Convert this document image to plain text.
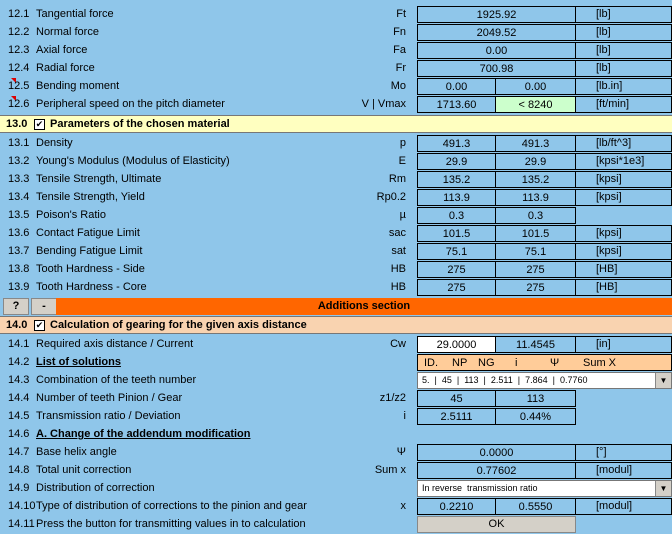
12.1 Tangential force	Ft	1925.92	[lb]
12.2 Normal force	Fn	2049.52	[lb]
12.3 Axial force	Fa	0.00	[lb]
12.4 Radial force	Fr	700.98	[lb]
12.5 Bending moment	Mo	0.00	0.00	[lb.in]
12.6 Peripheral speed on the pitch diameter	V | Vmax	1713.60	< 8240	[ft/min]
13.0 ✔ Parameters of the chosen material
13.1 Density	p	491.3	491.3	[lb/ft^3]
13.2 Young's Modulus (Modulus of Elasticity)	E	29.9	29.9	[kpsi*1e3]
13.3 Tensile Strength, Ultimate	Rm	135.2	135.2	[kpsi]
13.4 Tensile Strength, Yield	Rp0.2	113.9	113.9	[kpsi]
13.5 Poison's Ratio	µ	0.3	0.3
13.6 Contact Fatigue Limit	sac	101.5	101.5	[kpsi]
13.7 Bending Fatigue Limit	sat	75.1	75.1	[kpsi]
13.8 Tooth Hardness - Side	HB	275	275	[HB]
13.9 Tooth Hardness - Core	HB	275	275	[HB]
?	-	Additions section
14.0 ✔ Calculation of gearing for the given axis distance
14.1 Required axis distance / Current	Cw	29.0000	11.4545	[in]
14.2 List of solutions	ID. NP NG i	Ψ Sum X
14.3 Combination of the teeth number	5.  |  45  |  113  |  2.511  |  7.864  |  0.7760	▼
14.4 Number of teeth Pinion / Gear	z1/z2	45	113
14.5 Transmission ratio / Deviation	i	2.5111	0.44%
14.6 A. Change of the addendum modification
14.7 Base helix angle	Ψ	0.0000	[°]
14.8 Total unit correction	Sum x	0.77602	[modul]
14.9 Distribution of correction	In reverse  transmission ratio	▼
14.10 Type of distribution of corrections to the pinion and gear	x	0.2210	0.5550	[modul]
14.11 Press the button for transmitting values in to calculation	OK
